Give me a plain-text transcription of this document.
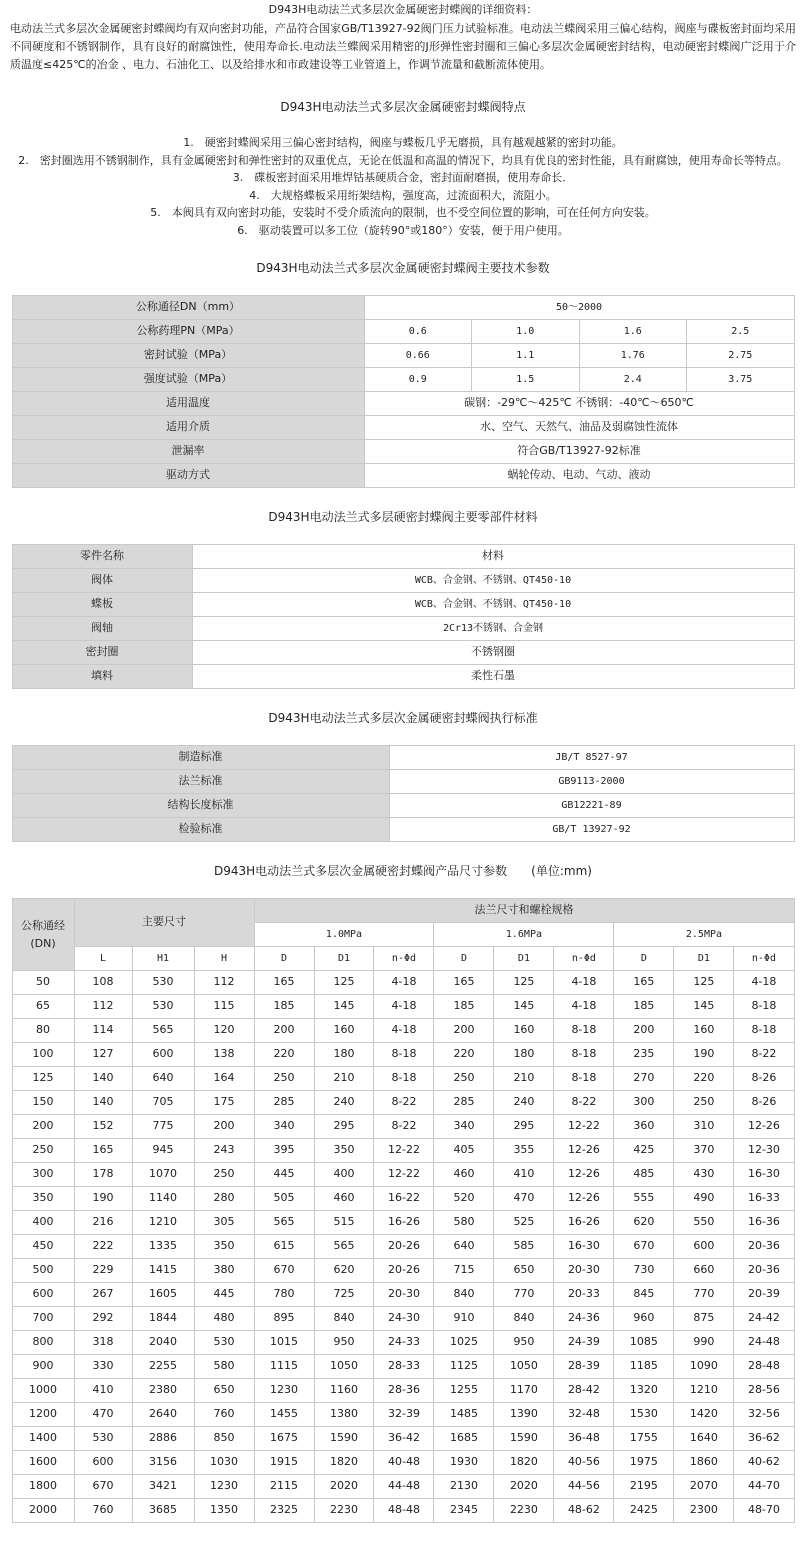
D943H电动法兰式多层次金属硬密封蝶阀的详细资料：
电动法兰式多层次金属硬密封蝶阀均有双向密封功能，产品符合国家GB/T13927-92阀门压力试验标准。电动法兰蝶阀采用三偏心结构，阀座与碟板密封面均采用不同硬度和不锈钢制作，具有良好的耐腐蚀性，使用寿命长.电动法兰蝶阀采用精密的J形弹性密封圈和三偏心多层次金属硬密封结构，电动硬密封蝶阀广泛用于介质温度≤425℃的冶金 、电力、石油化工、以及给排水和市政建设等工业管道上，作调节流量和截断流体使用。
D943H电动法兰式多层次金属硬密封蝶阀特点
1.　硬密封蝶阀采用三偏心密封结构，阀座与蝶板几乎无磨损，具有越观越紧的密封功能。
2.　密封圈选用不锈钢制作，具有金属硬密封和弹性密封的双重优点，无论在低温和高温的情况下，均具有优良的密封性能，具有耐腐蚀，使用寿命长等特点。
3.　碟板密封面采用堆焊钴基硬质合金，密封面耐磨损，使用寿命长．
4.　大规格蝶板采用绗架结构，强度高，过流面积大，流阻小。
5.　本阀具有双向密封功能，安装时不受介质流向的限制，也不受空间位置的影响，可在任何方向安装。
6.　驱动装置可以多工位（旋转90°或180°）安装，便于用户使用。
D943H电动法兰式多层次金属硬密封蝶阀主要技术参数
公称通径DN（mm）	50～2000			
公称药理PN（MPa）	0.6	1.0	1.6	2.5
密封试验（MPa）	0.66	1.1	1.76	2.75
强度试验（MPa）	0.9	1.5	2.4	3.75
适用温度	碳钢：-29℃～425℃ 不锈钢：-40℃～650℃			
适用介质	水、空气、天然气、油品及弱腐蚀性流体			
泄漏率	符合GB/T13927-92标准			
驱动方式	蜗轮传动、电动、气动、液动			
D943H电动法兰式多层硬密封蝶阀主要零部件材料
零件名称	材料
阀体	WCB、合金钢、不锈钢、QT450-10
蝶板	WCB、合金钢、不锈钢、QT450-10
阀轴	2Cr13不锈钢、合金钢
密封圈	不锈钢圈
填料	柔性石墨
D943H电动法兰式多层次金属硬密封蝶阀执行标准
制造标准	JB/T 8527-97
法兰标准	GB9113-2000
结构长度标准	GB12221-89
检验标准	GB/T 13927-92
D943H电动法兰式多层次金属硬密封蝶阀产品尺寸参数　　(单位:mm)
公称通经(DN)	主要尺寸			法兰尺寸和螺栓规格								
				1.0MPa			1.6MPa			2.5MPa		
	L	H1	H	D	D1	n-Φd	D	D1	n-Φd	D	D1	n-Φd
50	108	530	112	165	125	4-18	165	125	4-18	165	125	4-18
65	112	530	115	185	145	4-18	185	145	4-18	185	145	8-18
80	114	565	120	200	160	4-18	200	160	8-18	200	160	8-18
100	127	600	138	220	180	8-18	220	180	8-18	235	190	8-22
125	140	640	164	250	210	8-18	250	210	8-18	270	220	8-26
150	140	705	175	285	240	8-22	285	240	8-22	300	250	8-26
200	152	775	200	340	295	8-22	340	295	12-22	360	310	12-26
250	165	945	243	395	350	12-22	405	355	12-26	425	370	12-30
300	178	1070	250	445	400	12-22	460	410	12-26	485	430	16-30
350	190	1140	280	505	460	16-22	520	470	12-26	555	490	16-33
400	216	1210	305	565	515	16-26	580	525	16-26	620	550	16-36
450	222	1335	350	615	565	20-26	640	585	16-30	670	600	20-36
500	229	1415	380	670	620	20-26	715	650	20-30	730	660	20-36
600	267	1605	445	780	725	20-30	840	770	20-33	845	770	20-39
700	292	1844	480	895	840	24-30	910	840	24-36	960	875	24-42
800	318	2040	530	1015	950	24-33	1025	950	24-39	1085	990	24-48
900	330	2255	580	1115	1050	28-33	1125	1050	28-39	1185	1090	28-48
1000	410	2380	650	1230	1160	28-36	1255	1170	28-42	1320	1210	28-56
1200	470	2640	760	1455	1380	32-39	1485	1390	32-48	1530	1420	32-56
1400	530	2886	850	1675	1590	36-42	1685	1590	36-48	1755	1640	36-62
1600	600	3156	1030	1915	1820	40-48	1930	1820	40-56	1975	1860	40-62
1800	670	3421	1230	2115	2020	44-48	2130	2020	44-56	2195	2070	44-70
2000	760	3685	1350	2325	2230	48-48	2345	2230	48-62	2425	2300	48-70
